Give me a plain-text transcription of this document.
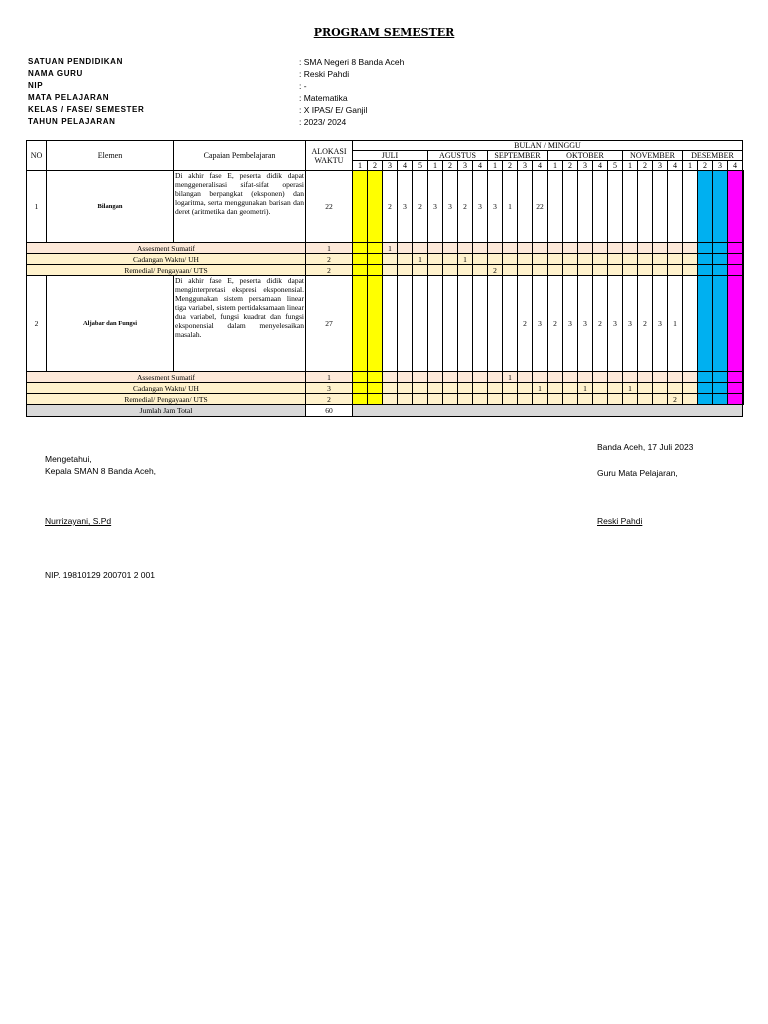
PROGRAM SEMESTER
SATUAN PENDIDIKAN	: SMA Negeri 8 Banda Aceh
NAMA GURU	: Reski Pahdi
NIP	: -
MATA PELAJARAN	: Matematika
KELAS / FASE/ SEMESTER	: X IPAS/ E/ Ganjil
TAHUN PELAJARAN	: 2023/ 2024
NO	Elemen	Capaian Pembelajaran	ALOKASI
WAKTU	BULAN / MINGGU																										
				JULI					AGUSTUS				SEPTEMBER				OKTOBER					NOVEMBER				DESEMBER				
				1	2	3	4	5	1	2	3	4	1	2	3	4	1	2	3	4	5	1	2	3	4	1	2	3	4	
1	Bilangan	Di akhir fase E, peserta didik dapat menggeneralisasi sifat-sifat operasi bilangan berpangkat (eksponen) dan logaritma, serta menggunakan barisan dan deret (aritmetika dan geometri).	22			2	3	2	3	3	2	3	3	1		22														
Assesment Sumatif			1			1																								
Cadangan Waktu/ UH			2					1			1																			
Remedial/ Pengayaan/ UTS			2										2																	
2	Aljabar dan Fungsi	Di akhir fase E, peserta didik dapat menginterpretasi ekspresi eksponensial. Menggunakan sistem persamaan linear tiga variabel, sistem pertidaksamaan linear dua variabel, fungsi kuadrat dan fungsi eksponensial dalam menyelesaikan masalah.	27												2	3	2	3	3	2	3	3	2	3	1					
Assesment Sumatif			1											1																
Cadangan Waktu/ UH			3													1			1			1								
Remedial/ Pengayaan/ UTS			2																						2					
Jumlah Jam Total			60																											
Banda Aceh, 17 Juli 2023
Mengetahui,
Kepala SMAN 8 Banda Aceh,	Guru Mata Pelajaran,
Nurrizayani, S.Pd	Reski Pahdi
NIP. 19810129 200701 2 001
